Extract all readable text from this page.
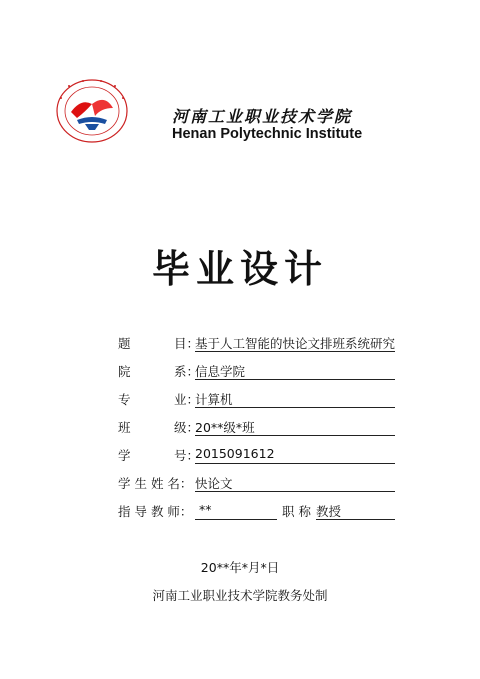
河南工业职业技术学院
Henan Polytechnic Institute
毕业设计
题	目：
基于人工智能的快论文排班系统研究
院	系：
信息学院
专	业：
计算机
班	级：
20**级*班
学	号：
2015091612
学 生 姓 名： 快论文
指 导 教 师： **	职 称 教授
20**年*月*日
河南工业职业技术学院教务处制
